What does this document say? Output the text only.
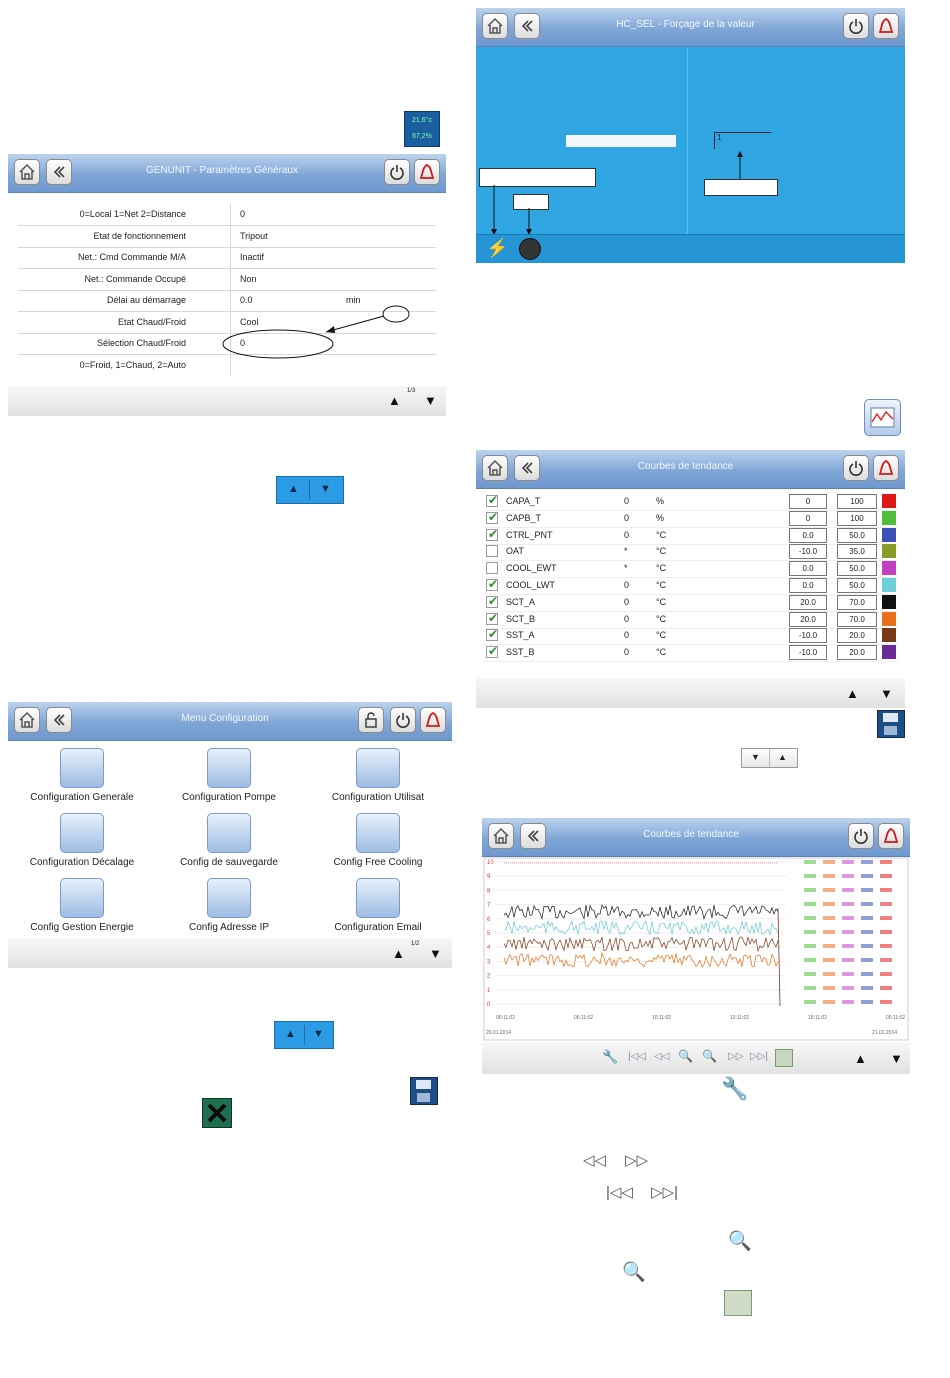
21,6°c
67,2%
GENUNIT - Paramètres Généraux
0=Local 1=Net 2=Distance	0
Etat de fonctionnement	Tripout
Net.: Cmd Commande M/A	Inactif
Net.: Commande Occupé	Non
Délai au démarrage	0.0	min
Etat Chaud/Froid	Cool
Sélection Chaud/Froid	0
0=Froid, 1=Chaud, 2=Auto
▲
1/3
▼
▲ ▼
HC_SEL - Forçage de la valeur
1
⚡
Courbes de tendance
✔
CAPA_T	0	%	0	100
✔
CAPB_T	0	%	0	100
✔
CTRL_PNT	0	°C	0.0	50.0
OAT	*	°C	-10.0	35.0
COOL_EWT	*	°C	0.0	50.0
✔
COOL_LWT	0	°C	0.0	50.0
✔
SCT_A	0	°C	20.0	70.0
✔
SCT_B	0	°C	20.0	70.0
✔
SST_A	0	°C	-10.0	20.0
✔
SST_B	0	°C	-10.0	20.0
▲ ▼
▼ ▲
Menu Configuration
Configuration Generale	Configuration Pompe	Configuration Utilisat
Configuration Décalage	Config de sauvegarde	Config Free Cooling
Config Gestion Energie	Config Adresse IP	Configuration Email
▲
1/2
▼
▲ ▼
Courbes de tendance
10
9
8
7
6
5
4
3
2
1
0
00:11:02	06:11:02	10:11:02	12:11:02	18:11:02	00:11:02
20.01.2014	21.01.2014
🔧 |◁◁ ◁◁ 🔍 🔍 ▷▷ ▷▷|	▲ ▼
🔧
◁◁ ▷▷
|◁◁ ▷▷|
🔍
🔍
